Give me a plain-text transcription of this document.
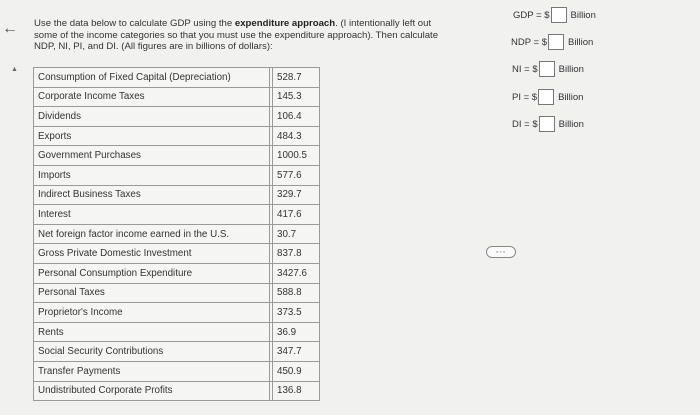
←
▲
Use the data below to calculate GDP using the expenditure approach. (I intentionally left out
some of the income categories so that you must use the expenditure approach). Then calculate
NDP, NI, PI, and DI. (All figures are in billions of dollars):
Consumption of Fixed Capital (Depreciation)		528.7
Corporate Income Taxes		145.3
Dividends		106.4
Exports		484.3
Government Purchases		1000.5
Imports		577.6
Indirect Business Taxes		329.7
Interest		417.6
Net foreign factor income earned in the U.S.		30.7
Gross Private Domestic Investment		837.8
Personal Consumption Expenditure		3427.6
Personal Taxes		588.8
Proprietor's Income		373.5
Rents		36.9
Social Security Contributions		347.7
Transfer Payments		450.9
Undistributed Corporate Profits		136.8
◦◦◦
GDP = $ Billion
NDP = $ Billion
NI = $ Billion
PI = $ Billion
DI = $ Billion
